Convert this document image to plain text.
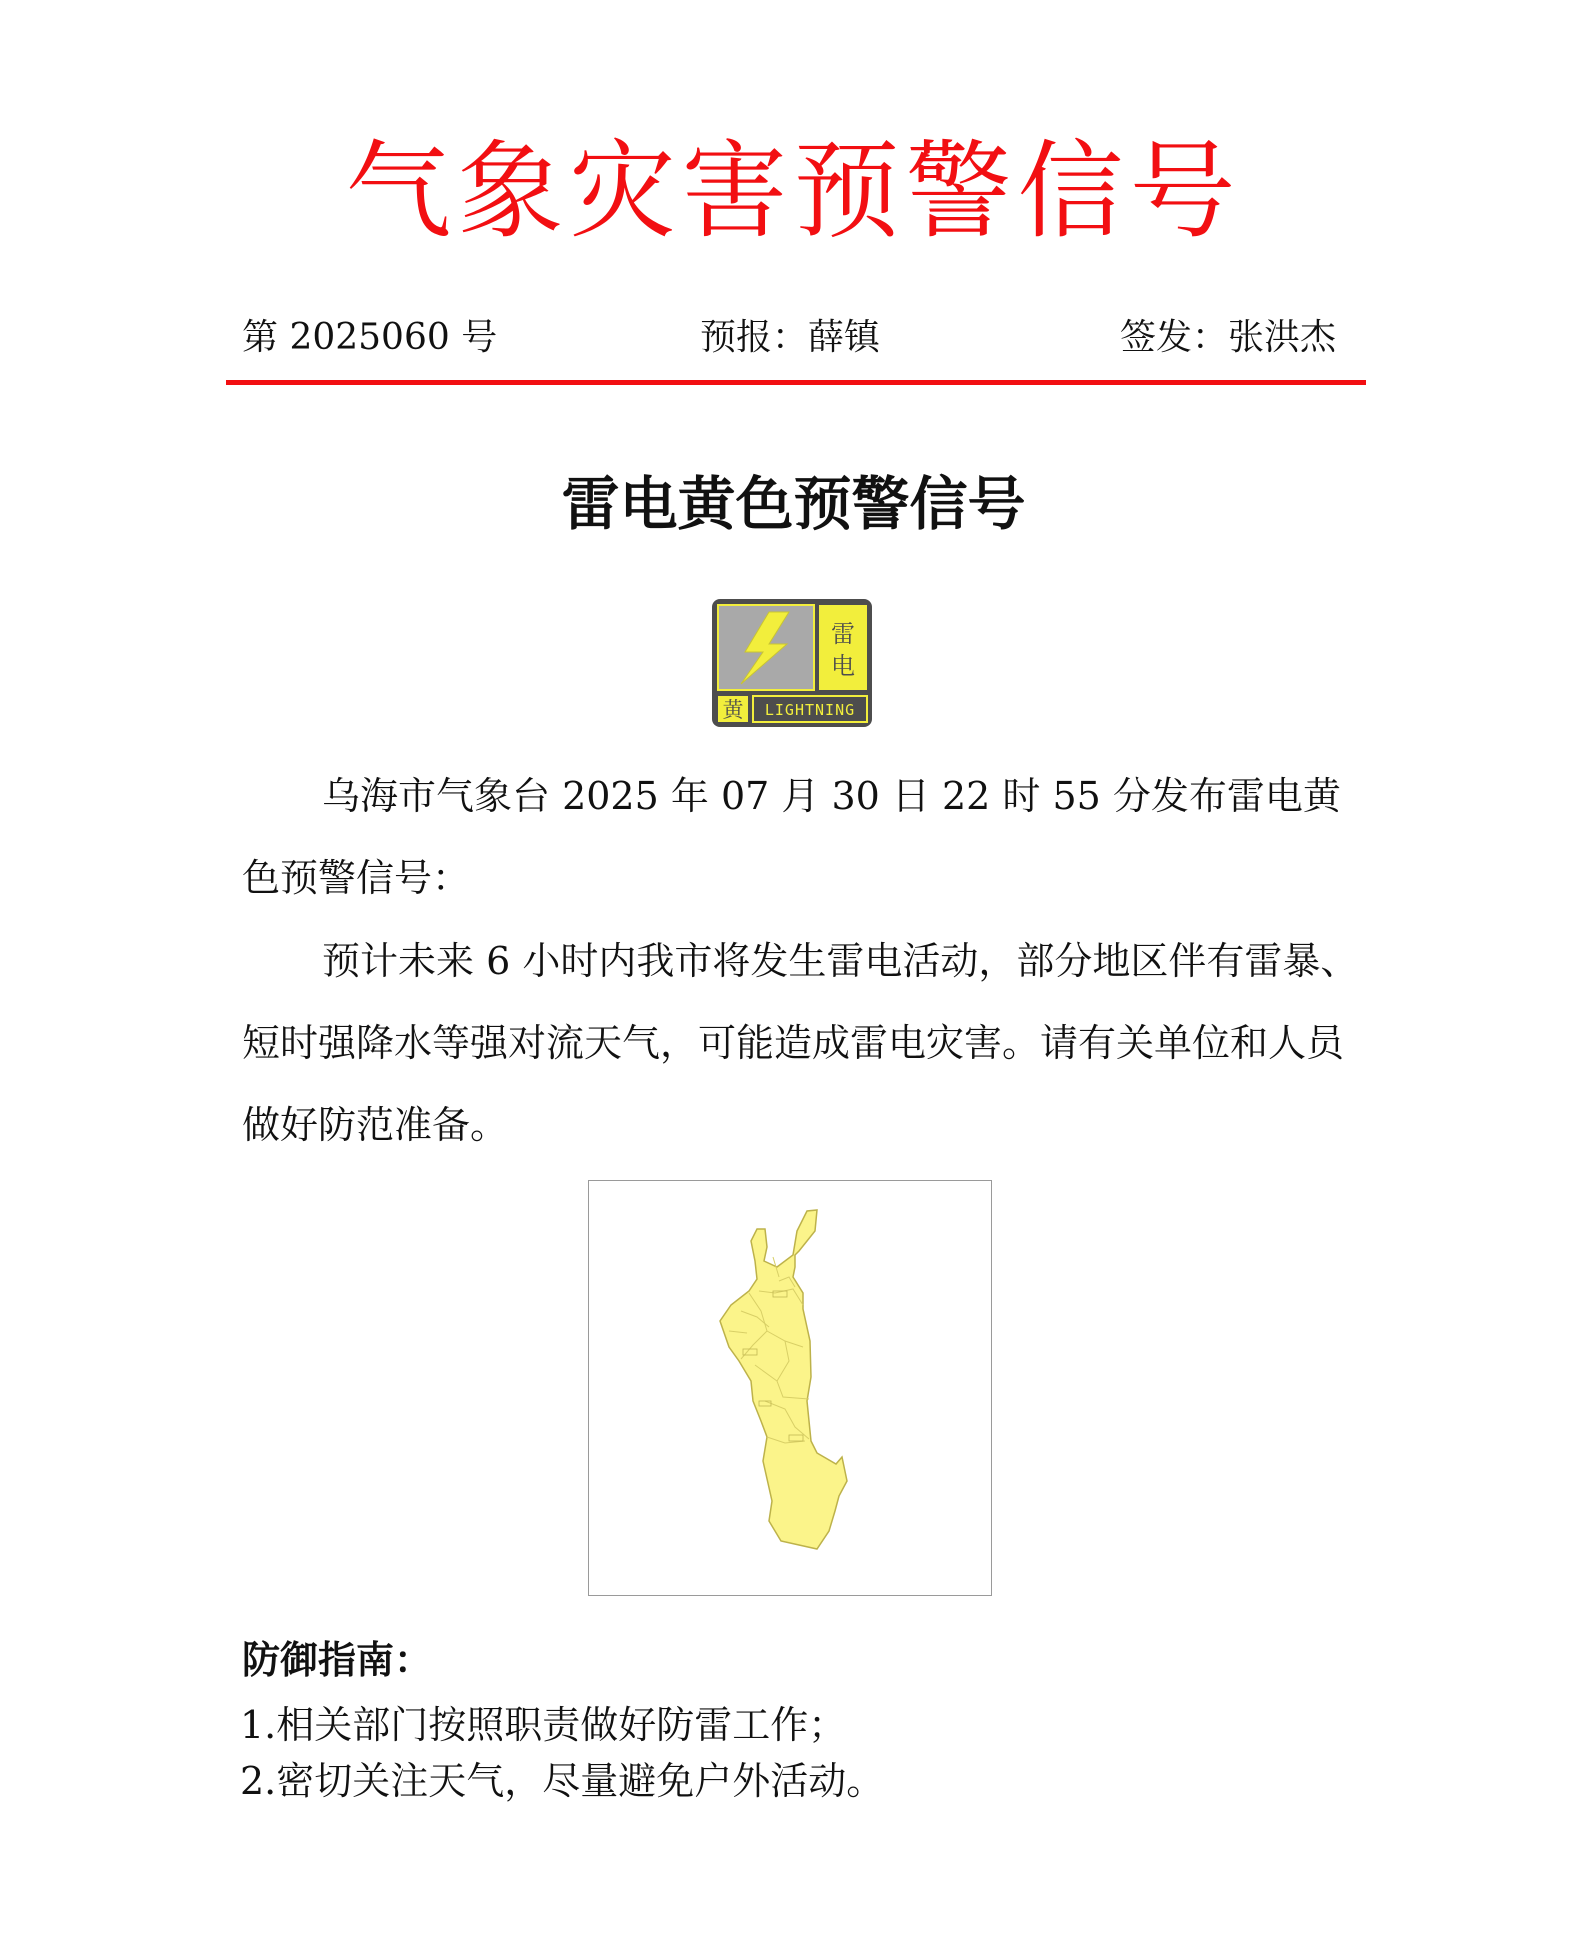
气象灾害预警信号
第 2025060 号	预报：薛镇	签发：张洪杰
雷电黄色预警信号
雷
电
黄 LIGHTNING
乌海市气象台 2025 年 07 月 30 日 22 时 55 分发布雷电黄色预警信号：
预计未来 6 小时内我市将发生雷电活动，部分地区伴有雷暴、短时强降水等强对流天气，可能造成雷电灾害。请有关单位和人员做好防范准备。
防御指南：
1.相关部门按照职责做好防雷工作；
2.密切关注天气，尽量避免户外活动。
